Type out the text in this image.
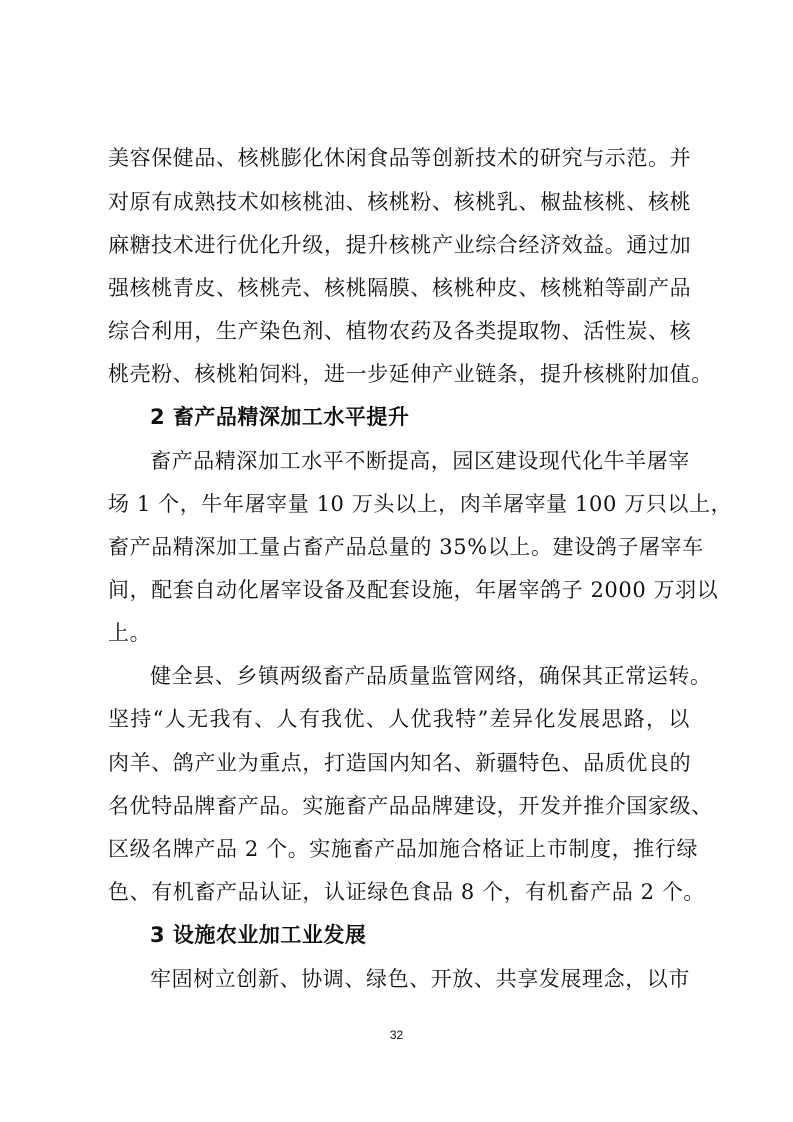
美容保健品、核桃膨化休闲食品等创新技术的研究与示范。并
对原有成熟技术如核桃油、核桃粉、核桃乳、椒盐核桃、核桃
麻糖技术进行优化升级，提升核桃产业综合经济效益。通过加
强核桃青皮、核桃壳、核桃隔膜、核桃种皮、核桃粕等副产品
综合利用，生产染色剂、植物农药及各类提取物、活性炭、核
桃壳粉、核桃粕饲料，进一步延伸产业链条，提升核桃附加值。
2 畜产品精深加工水平提升
畜产品精深加工水平不断提高，园区建设现代化牛羊屠宰
场 1 个，牛年屠宰量 10 万头以上，肉羊屠宰量 100 万只以上，
畜产品精深加工量占畜产品总量的 35%以上。建设鸽子屠宰车
间，配套自动化屠宰设备及配套设施，年屠宰鸽子 2000 万羽以
上。
健全县、乡镇两级畜产品质量监管网络，确保其正常运转。
坚持“人无我有、人有我优、人优我特”差异化发展思路，以
肉羊、鸽产业为重点，打造国内知名、新疆特色、品质优良的
名优特品牌畜产品。实施畜产品品牌建设，开发并推介国家级、
区级名牌产品 2 个。实施畜产品加施合格证上市制度，推行绿
色、有机畜产品认证，认证绿色食品 8 个，有机畜产品 2 个。
3 设施农业加工业发展
牢固树立创新、协调、绿色、开放、共享发展理念，以市
32
